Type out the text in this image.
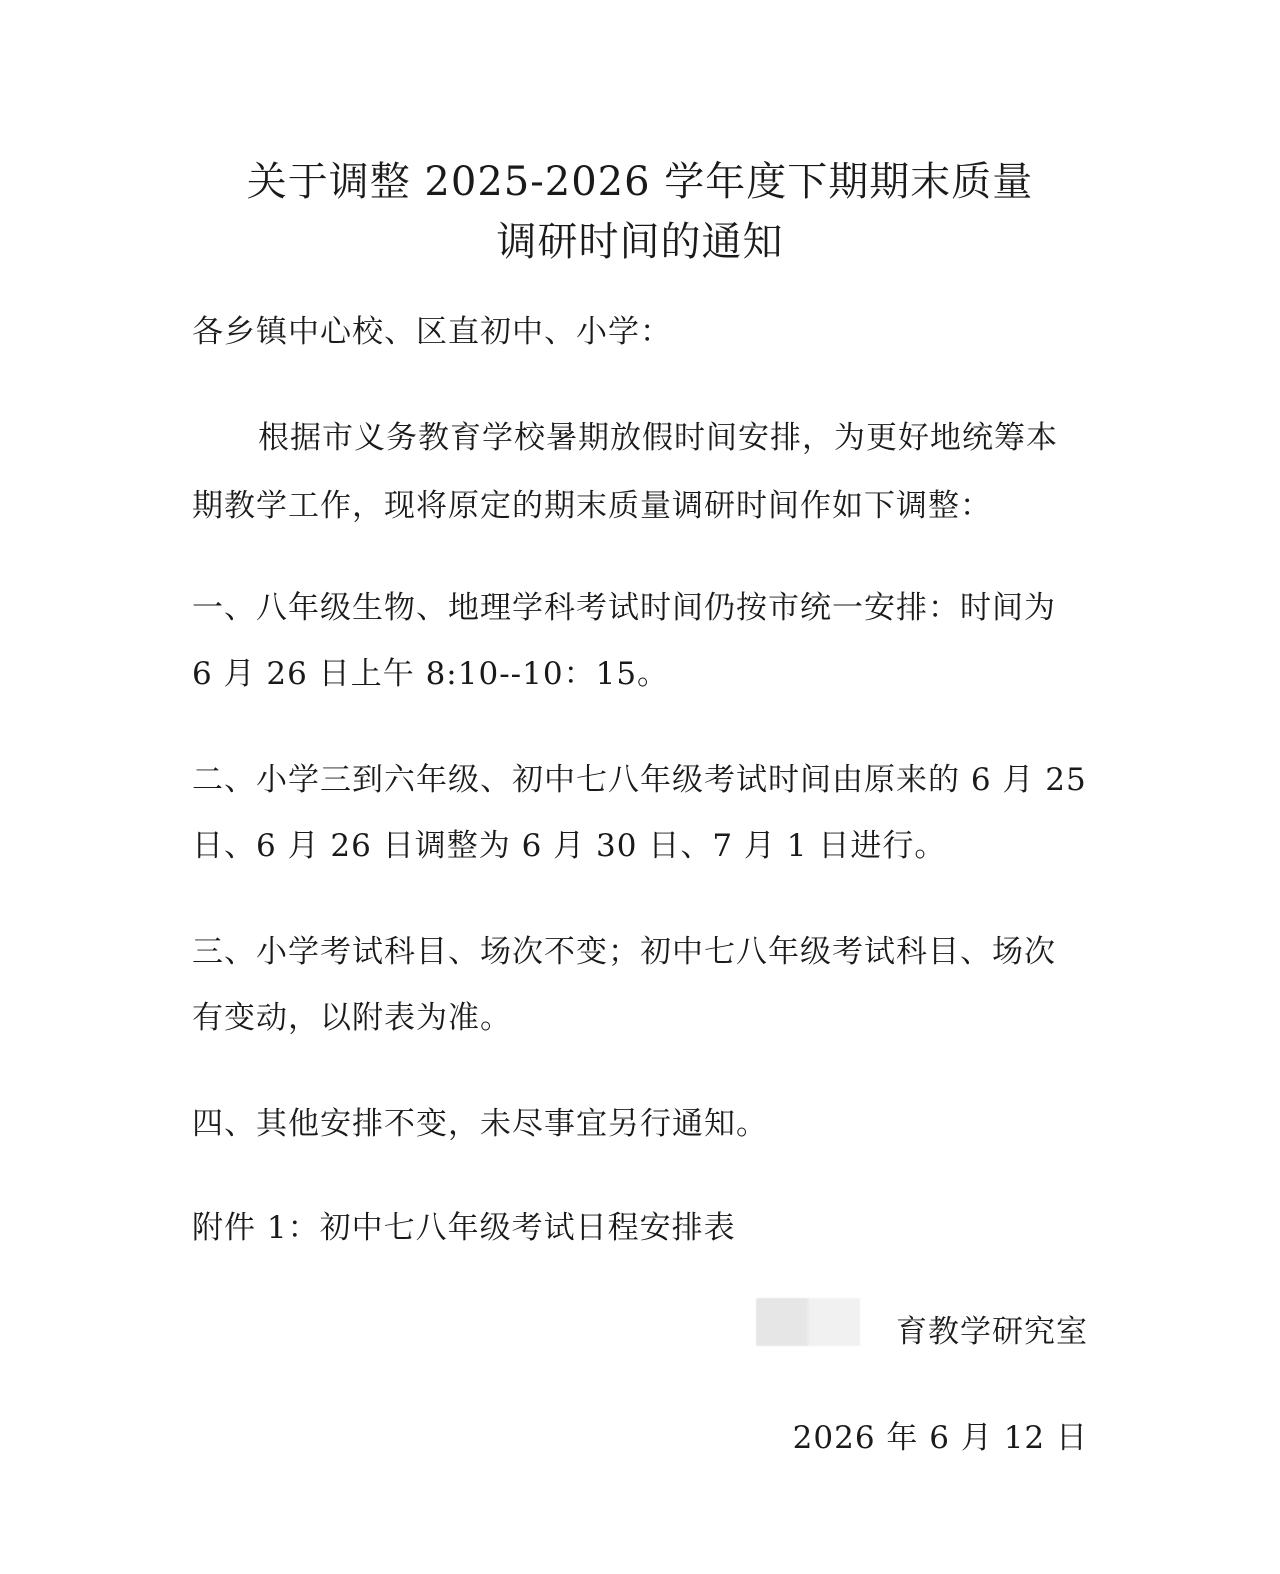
关于调整 2025-2026 学年度下期期末质量
调研时间的通知
各乡镇中心校、区直初中、小学：
根据市义务教育学校暑期放假时间安排，为更好地统筹本
期教学工作，现将原定的期末质量调研时间作如下调整：
一、八年级生物、地理学科考试时间仍按市统一安排：时间为
6 月 26 日上午 8:10--10：15。
二、小学三到六年级、初中七八年级考试时间由原来的 6 月 25
日、6 月 26 日调整为 6 月 30 日、7 月 1 日进行。
三、小学考试科目、场次不变；初中七八年级考试科目、场次
有变动，以附表为准。
四、其他安排不变，未尽事宜另行通知。
附件 1：初中七八年级考试日程安排表
育教学研究室
2026 年 6 月 12 日
